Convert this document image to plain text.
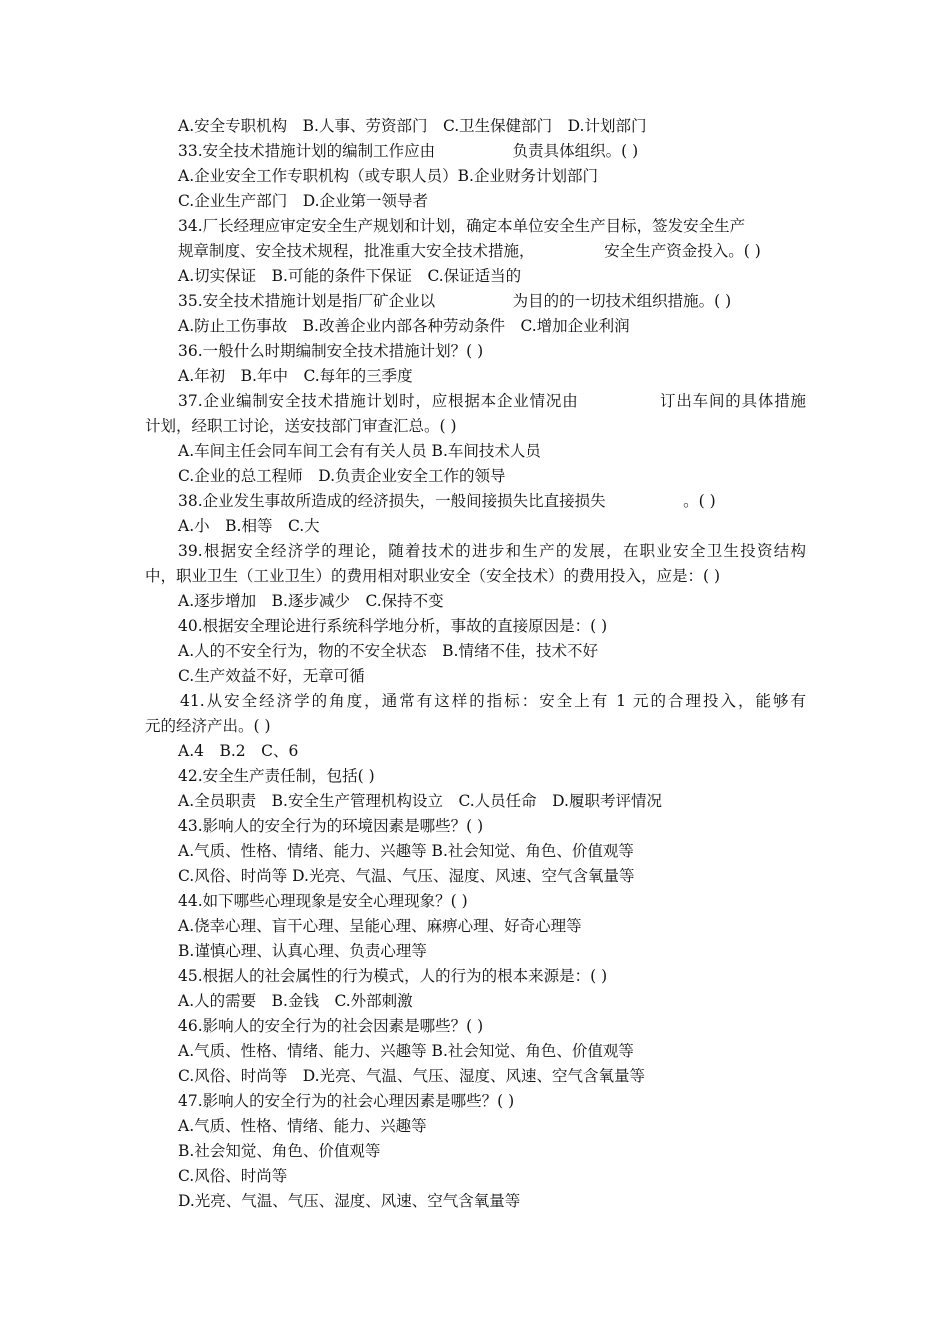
A.安全专职机构　B.人事、劳资部门　C.卫生保健部门　D.计划部门
33.安全技术措施计划的编制工作应由　　　　　负责具体组织。( )
A.企业安全工作专职机构（或专职人员）B.企业财务计划部门
C.企业生产部门　D.企业第一领导者
34.厂长经理应审定安全生产规划和计划，确定本单位安全生产目标，签发安全生产
规章制度、安全技术规程，批准重大安全技术措施，　　　　　安全生产资金投入。( )
A.切实保证　B.可能的条件下保证　C.保证适当的
35.安全技术措施计划是指厂矿企业以　　　　　为目的的一切技术组织措施。( )
A.防止工伤事故　B.改善企业内部各种劳动条件　C.增加企业利润
36.一般什么时期编制安全技术措施计划？( )
A.年初　B.年中　C.每年的三季度
37.企业编制安全技术措施计划时，应根据本企业情况由　　　　　订出车间的具体措施
计划，经职工讨论，送安技部门审查汇总。( )
A.车间主任会同车间工会有有关人员 B.车间技术人员
C.企业的总工程师　D.负责企业安全工作的领导
38.企业发生事故所造成的经济损失，一般间接损失比直接损失　　　　　。( )
A.小　B.相等　C.大
39.根据安全经济学的理论，随着技术的进步和生产的发展，在职业安全卫生投资结构
中，职业卫生（工业卫生）的费用相对职业安全（安全技术）的费用投入，应是：( )
A.逐步增加　B.逐步减少　C.保持不变
40.根据安全理论进行系统科学地分析，事故的直接原因是：( )
A.人的不安全行为，物的不安全状态　B.情绪不佳，技术不好
C.生产效益不好，无章可循
41.从安全经济学的角度，通常有这样的指标：安全上有 1 元的合理投入，能够有
元的经济产出。( )
A.4　B.2　C、6
42.安全生产责任制，包括( )
A.全员职责　B.安全生产管理机构设立　C.人员任命　D.履职考评情况
43.影响人的安全行为的环境因素是哪些？( )
A.气质、性格、情绪、能力、兴趣等 B.社会知觉、角色、价值观等
C.风俗、时尚等 D.光亮、气温、气压、湿度、风速、空气含氧量等
44.如下哪些心理现象是安全心理现象？( )
A.侥幸心理、盲干心理、呈能心理、麻痹心理、好奇心理等
B.谨慎心理、认真心理、负责心理等
45.根据人的社会属性的行为模式，人的行为的根本来源是：( )
A.人的需要　B.金钱　C.外部刺激
46.影响人的安全行为的社会因素是哪些？( )
A.气质、性格、情绪、能力、兴趣等 B.社会知觉、角色、价值观等
C.风俗、时尚等　D.光亮、气温、气压、湿度、风速、空气含氧量等
47.影响人的安全行为的社会心理因素是哪些？( )
A.气质、性格、情绪、能力、兴趣等
B.社会知觉、角色、价值观等
C.风俗、时尚等
D.光亮、气温、气压、湿度、风速、空气含氧量等
